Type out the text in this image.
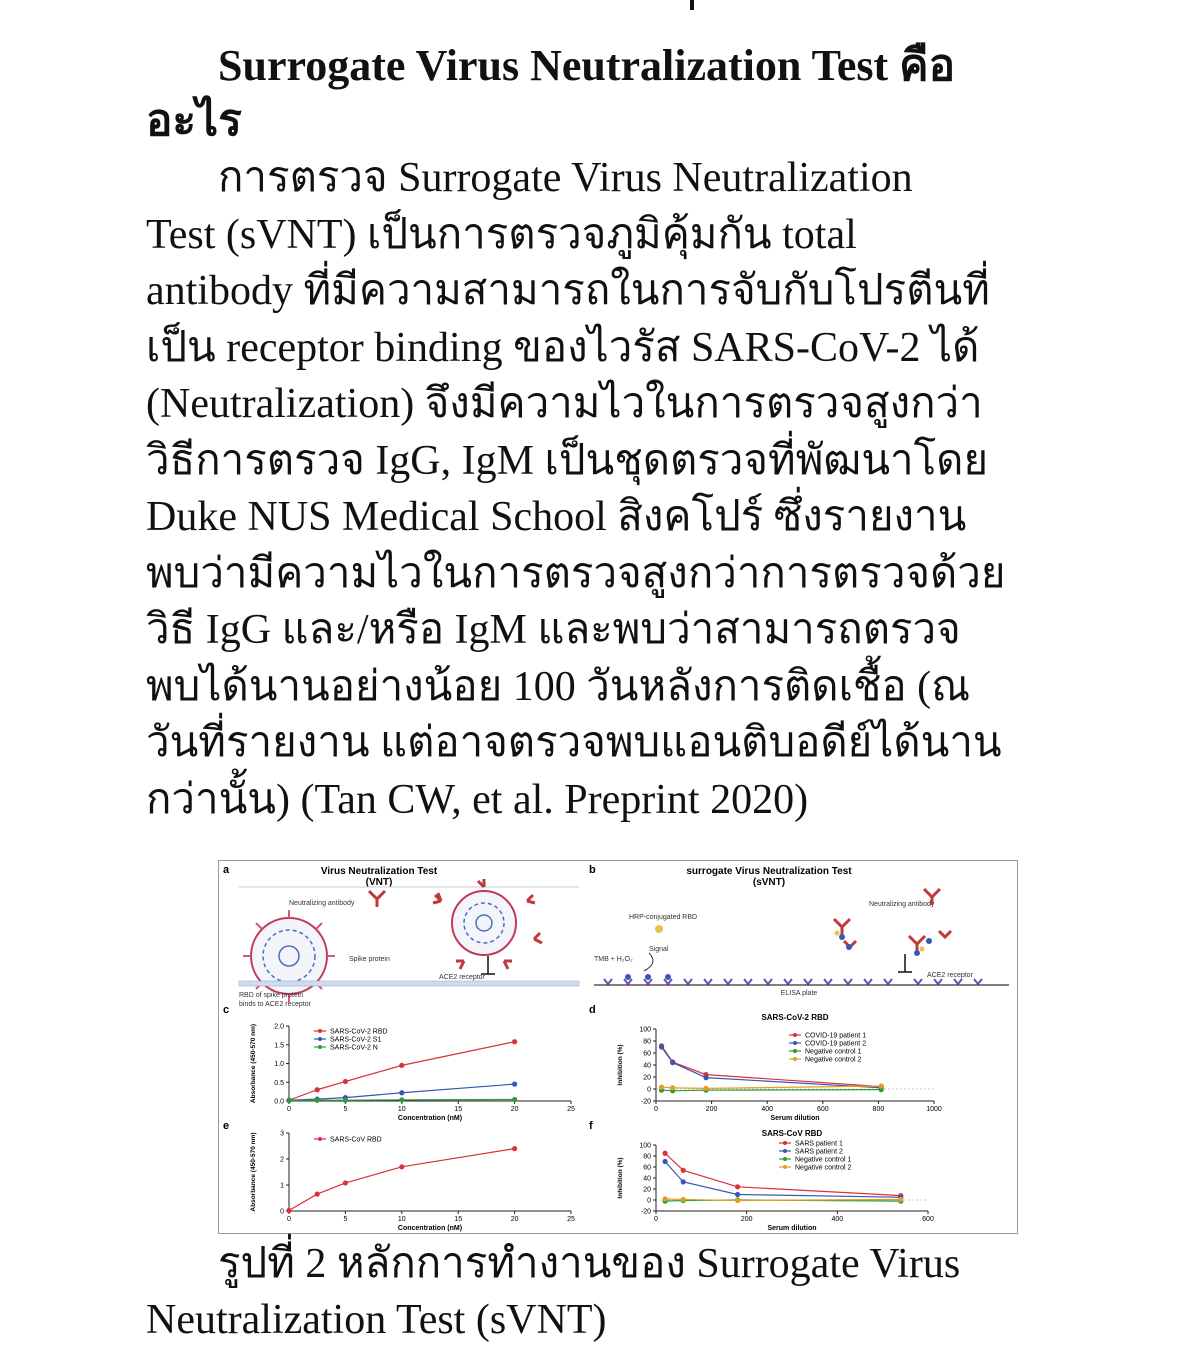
Surrogate Virus Neutralization Test คือ
อะไร
การตรวจ Surrogate Virus Neutralization
Test (sVNT) เป็นการตรวจภูมิคุ้มกัน total
antibody ที่มีความสามารถในการจับกับโปรตีนที่
เป็น receptor binding ของไวรัส SARS-CoV-2 ได้
(Neutralization) จึงมีความไวในการตรวจสูงกว่า
วิธีการตรวจ IgG, IgM เป็นชุดตรวจที่พัฒนาโดย
Duke NUS Medical School สิงคโปร์ ซึ่งรายงาน
พบว่ามีความไวในการตรวจสูงกว่าการตรวจด้วย
วิธี IgG และ/หรือ IgM และพบว่าสามารถตรวจ
พบได้นานอย่างน้อย 100 วันหลังการติดเชื้อ (ณ
วันที่รายงาน แต่อาจตรวจพบแอนติบอดีย์ได้นาน
กว่านั้น) (Tan CW, et al. Preprint 2020)
a	Virus Neutralization Test
(VNT)
Neutralizing antibody
Spike protein
ACE2 receptor
RBD of spike protein
binds to ACE2 receptor
b	surrogate Virus Neutralization Test
(sVNT)
HRP-conjugated RBD
Neutralizing antibody
Signal
TMB + H₂O₂
ACE2 receptor
ELISA plate
c
0	5	10	15	20	25
0.0
0.5
1.0
1.5
2.0
Concentration (nM)
Absorbance (450-570 nm)	SARS-CoV-2 RBD
SARS-CoV-2 S1
SARS-CoV-2 N
d
SARS-CoV-2 RBD
0	200	400	600	800	1000
-20
0
20
40
60
80
100
Serum dilution
Inhibition (%)
COVID-19 patient 1
COVID-19 patient 2
Negative control 1
Negative control 2
e
0	5	10	15	20	25
0
1
2
3
Concentration (nM)
Absorbance (450-570 nm)	SARS-CoV RBD
f
SARS-CoV RBD
0	200	400	600
-20
0
20
40
60
80
100
Serum dilution
Inhibition (%)
SARS patient 1
SARS patient 2
Negative control 1
Negative control 2
รูปที่ 2 หลักการทำงานของ Surrogate Virus
Neutralization Test (sVNT)
